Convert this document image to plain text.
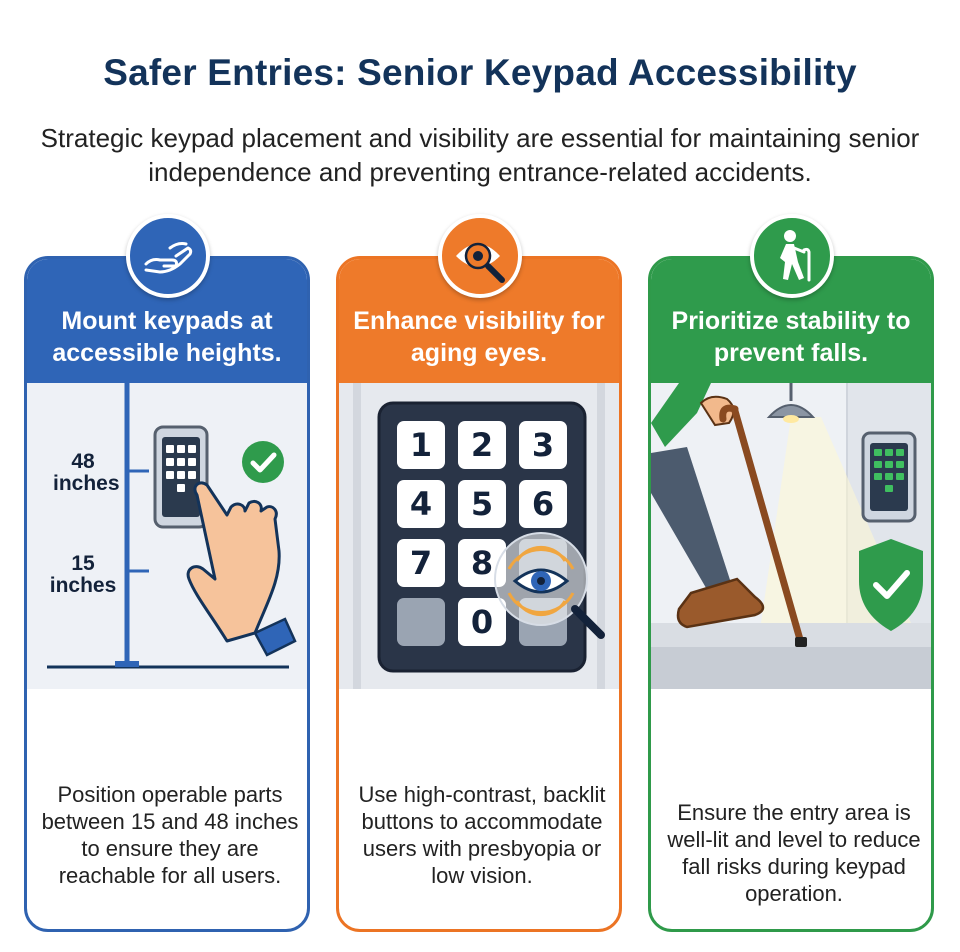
Safer Entries: Senior Keypad Accessibility
Strategic keypad placement and visibility are essential for maintaining senior independence and preventing entrance-related accidents.
Mount keypads at accessible heights.
48
inches
15
inches
Position operable parts between 15 and 48 inches to ensure they are reachable for all users.
Enhance visibility for aging eyes.
1	2	3
4	5	6
7	8
0
Use high-contrast, backlit buttons to accommodate users with presbyopia or low vision.
Prioritize stability to prevent falls.
Ensure the entry area is well-lit and level to reduce fall risks during keypad operation.
